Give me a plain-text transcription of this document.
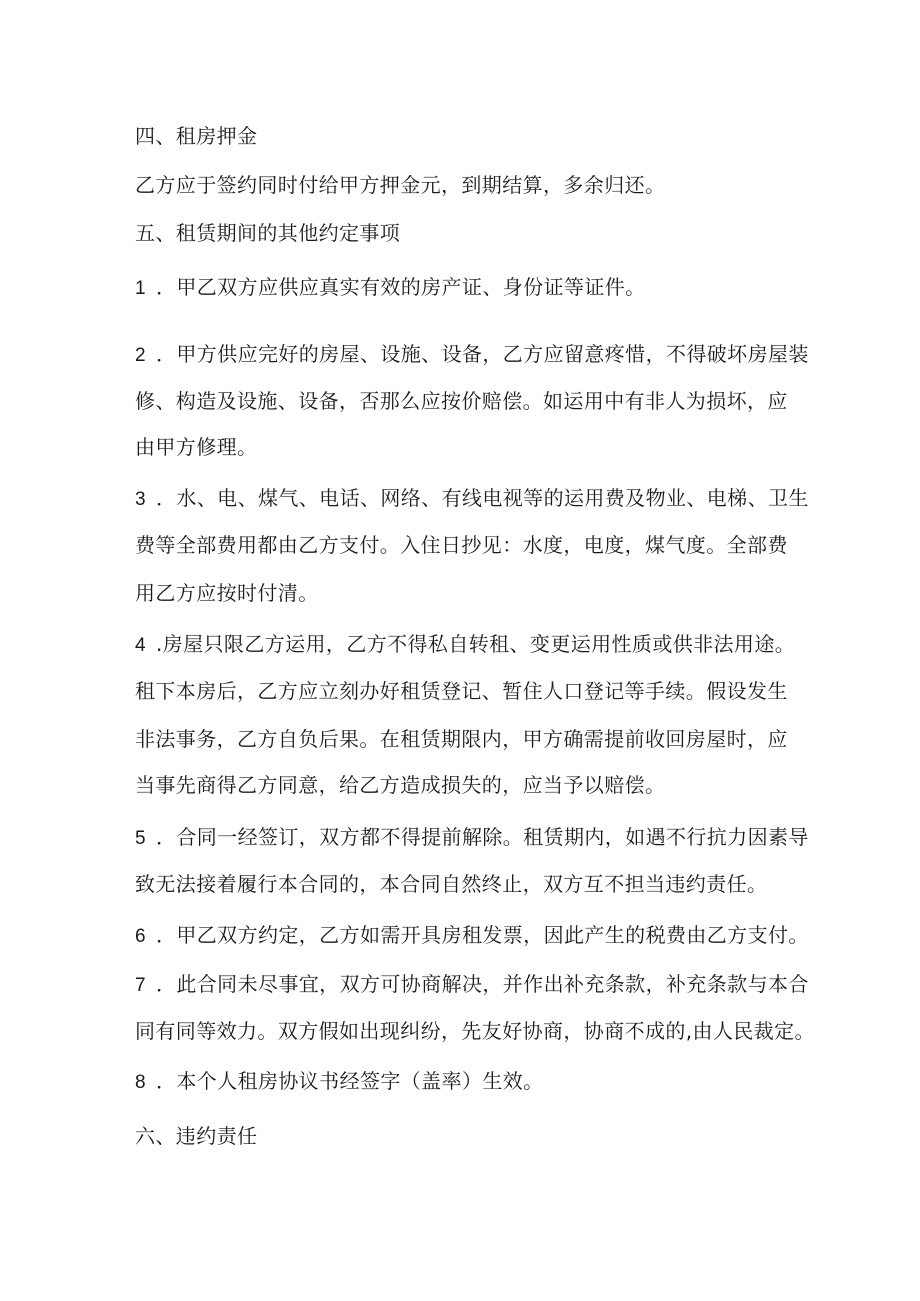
四、租房押金
乙方应于签约同时付给甲方押金元，到期结算，多余归还。
五、租赁期间的其他约定事项
1 ．甲乙双方应供应真实有效的房产证、身份证等证件。
2 ．甲方供应完好的房屋、设施、设备，乙方应留意疼惜，不得破坏房屋装
修、构造及设施、设备，否那么应按价赔偿。如运用中有非人为损坏，应
由甲方修理。
3 ．水、电、煤气、电话、网络、有线电视等的运用费及物业、电梯、卫生
费等全部费用都由乙方支付。入住日抄见：水度，电度，煤气度。全部费
用乙方应按时付清。
4 .房屋只限乙方运用，乙方不得私自转租、变更运用性质或供非法用途。
租下本房后，乙方应立刻办好租赁登记、暂住人口登记等手续。假设发生
非法事务，乙方自负后果。在租赁期限内，甲方确需提前收回房屋时，应
当事先商得乙方同意，给乙方造成损失的，应当予以赔偿。
5 ．合同一经签订，双方都不得提前解除。租赁期内，如遇不行抗力因素导
致无法接着履行本合同的，本合同自然终止，双方互不担当违约责任。
6 ．甲乙双方约定，乙方如需开具房租发票，因此产生的税费由乙方支付。
7 ．此合同未尽事宜，双方可协商解决，并作出补充条款，补充条款与本合
同有同等效力。双方假如出现纠纷，先友好协商，协商不成的,由人民裁定。
8 ．本个人租房协议书经签字（盖率）生效。
六、违约责任
